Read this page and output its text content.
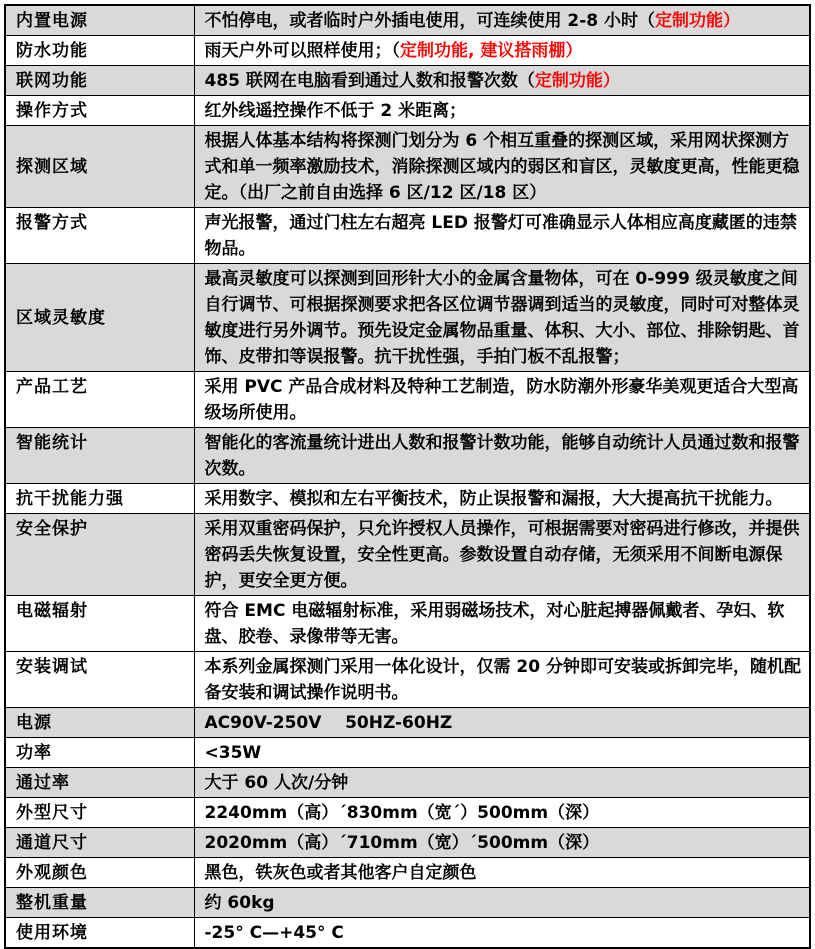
内置电源	不怕停电，或者临时户外插电使用，可连续使用 2-8 小时（定制功能）
防水功能	雨天户外可以照样使用；（定制功能, 建议搭雨棚）
联网功能	485 联网在电脑看到通过人数和报警次数（定制功能）
操作方式	红外线遥控操作不低于 2 米距离；
探测区域	根据人体基本结构将探测门划分为 6 个相互重叠的探测区域，采用网状探测方式和单一频率激励技术，消除探测区域内的弱区和盲区，灵敏度更高，性能更稳定。（出厂之前自由选择 6 区/12 区/18 区）
报警方式	声光报警，通过门柱左右超亮 LED 报警灯可准确显示人体相应高度藏匿的违禁物品。
区域灵敏度	最高灵敏度可以探测到回形针大小的金属含量物体，可在 0-999 级灵敏度之间自行调节、可根据探测要求把各区位调节器调到适当的灵敏度，同时可对整体灵敏度进行另外调节。预先设定金属物品重量、体积、大小、部位、排除钥匙、首饰、皮带扣等误报警。抗干扰性强，手拍门板不乱报警；
产品工艺	采用 PVC 产品合成材料及特种工艺制造，防水防潮外形豪华美观更适合大型高级场所使用。
智能统计	智能化的客流量统计进出人数和报警计数功能，能够自动统计人员通过数和报警次数。
抗干扰能力强	采用数字、模拟和左右平衡技术，防止误报警和漏报，大大提高抗干扰能力。
安全保护	采用双重密码保护，只允许授权人员操作，可根据需要对密码进行修改，并提供密码丢失恢复设置，安全性更高。参数设置自动存储，无须采用不间断电源保护，更安全更方便。
电磁辐射	符合 EMC 电磁辐射标准，采用弱磁场技术，对心脏起搏器佩戴者、孕妇、软盘、胶卷、录像带等无害。
安装调试	本系列金属探测门采用一体化设计，仅需 20 分钟即可安装或拆卸完毕，随机配备安装和调试操作说明书。
电源	AC90V-250V    50HZ-60HZ
功率	<35W
通过率	大于 60 人次/分钟
外型尺寸	2240mm（高）´830mm（宽´）500mm（深）
通道尺寸	2020mm（高）´710mm（宽）´500mm（深）
外观颜色	黑色，铁灰色或者其他客户自定颜色
整机重量	约 60kg
使用环境	-25° C—+45° C
